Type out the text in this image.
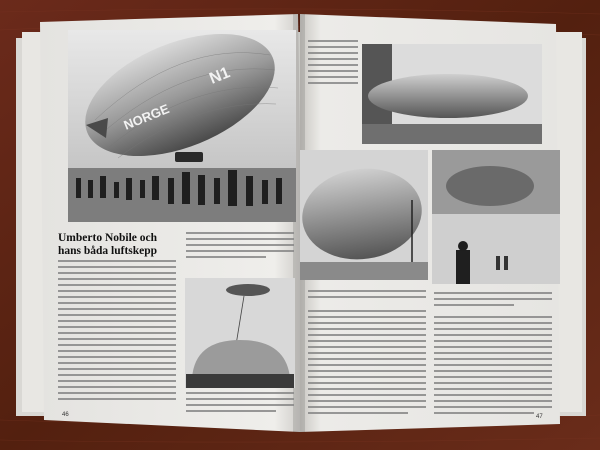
NORGE
N1
Umberto Nobile och hans båda luftskepp
46	47
